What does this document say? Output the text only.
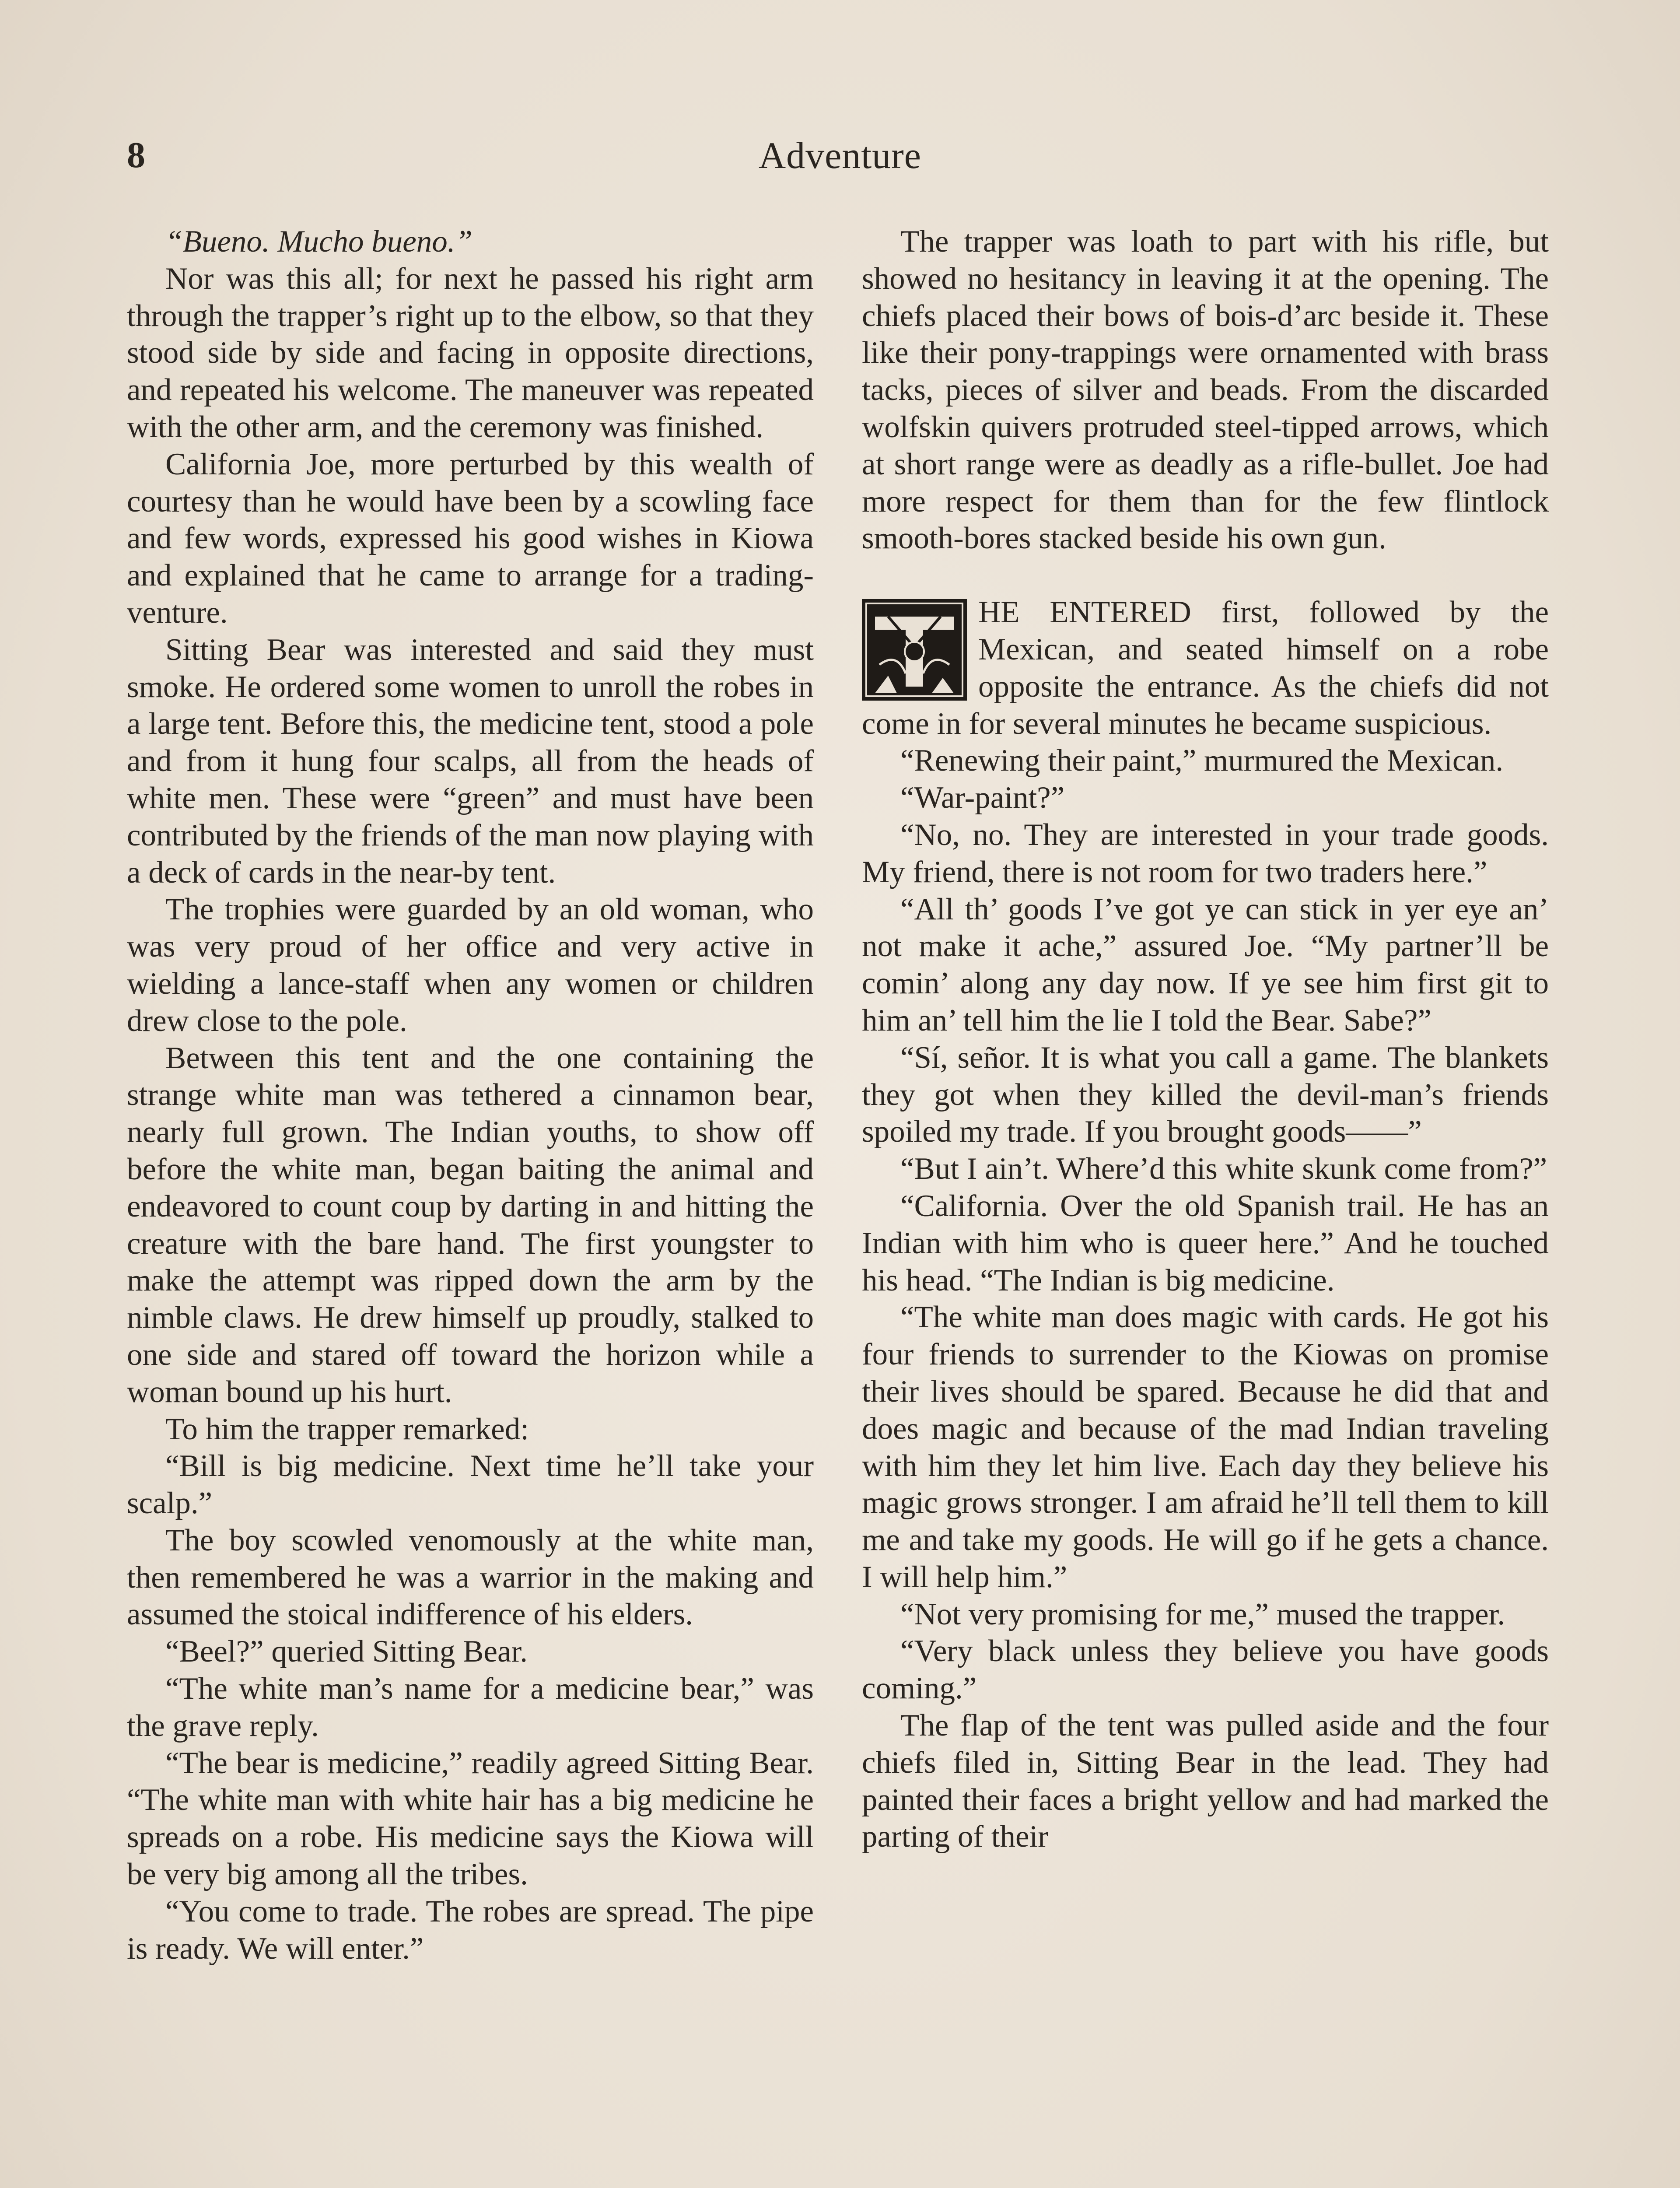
8	Adventure

“Bueno. Mucho bueno.”

Nor was this all; for next he passed his right arm through the trapper’s right up to the elbow, so that they stood side by side and facing in opposite directions, and repeated his welcome. The maneuver was repeated with the other arm, and the ceremony was finished.

California Joe, more perturbed by this wealth of courtesy than he would have been by a scowling face and few words, expressed his good wishes in Kiowa and explained that he came to arrange for a trading-venture.

Sitting Bear was interested and said they must smoke. He ordered some women to unroll the robes in a large tent. Before this, the medicine tent, stood a pole and from it hung four scalps, all from the heads of white men. These were “green” and must have been contributed by the friends of the man now playing with a deck of cards in the near-by tent.

The trophies were guarded by an old woman, who was very proud of her office and very active in wielding a lance-staff when any women or children drew close to the pole.

Between this tent and the one containing the strange white man was tethered a cinnamon bear, nearly full grown. The Indian youths, to show off before the white man, began baiting the animal and endeavored to count coup by darting in and hitting the creature with the bare hand. The first youngster to make the attempt was ripped down the arm by the nimble claws. He drew himself up proudly, stalked to one side and stared off toward the horizon while a woman bound up his hurt.

To him the trapper remarked:

“Bill is big medicine. Next time he’ll take your scalp.”

The boy scowled venomously at the white man, then remembered he was a warrior in the making and assumed the stoical indifference of his elders.

“Beel?” queried Sitting Bear.

“The white man’s name for a medicine bear,” was the grave reply.

“The bear is medicine,” readily agreed Sitting Bear. “The white man with white hair has a big medicine he spreads on a robe. His medicine says the Kiowa will be very big among all the tribes.

“You come to trade. The robes are spread. The pipe is ready. We will enter.”

The trapper was loath to part with his rifle, but showed no hesitancy in leaving it at the opening. The chiefs placed their bows of bois-d’arc beside it. These like their pony-trappings were ornamented with brass tacks, pieces of silver and beads. From the discarded wolfskin quivers protruded steel-tipped arrows, which at short range were as deadly as a rifle-bullet. Joe had more respect for them than for the few flintlock smooth-bores stacked beside his own gun.

HE ENTERED first, followed by the Mexican, and seated himself on a robe opposite the entrance. As the chiefs did not come in for several minutes he became suspicious.

“Renewing their paint,” murmured the Mexican.

“War-paint?”

“No, no. They are interested in your trade goods. My friend, there is not room for two traders here.”

“All th’ goods I’ve got ye can stick in yer eye an’ not make it ache,” assured Joe. “My partner’ll be comin’ along any day now. If ye see him first git to him an’ tell him the lie I told the Bear. Sabe?”

“Sí, señor. It is what you call a game. The blankets they got when they killed the devil-man’s friends spoiled my trade. If you brought goods——”

“But I ain’t. Where’d this white skunk come from?”

“California. Over the old Spanish trail. He has an Indian with him who is queer here.” And he touched his head. “The Indian is big medicine.

“The white man does magic with cards. He got his four friends to surrender to the Kiowas on promise their lives should be spared. Because he did that and does magic and because of the mad Indian traveling with him they let him live. Each day they believe his magic grows stronger. I am afraid he’ll tell them to kill me and take my goods. He will go if he gets a chance. I will help him.”

“Not very promising for me,” mused the trapper.

“Very black unless they believe you have goods coming.”

The flap of the tent was pulled aside and the four chiefs filed in, Sitting Bear in the lead. They had painted their faces a bright yellow and had marked the parting of their
